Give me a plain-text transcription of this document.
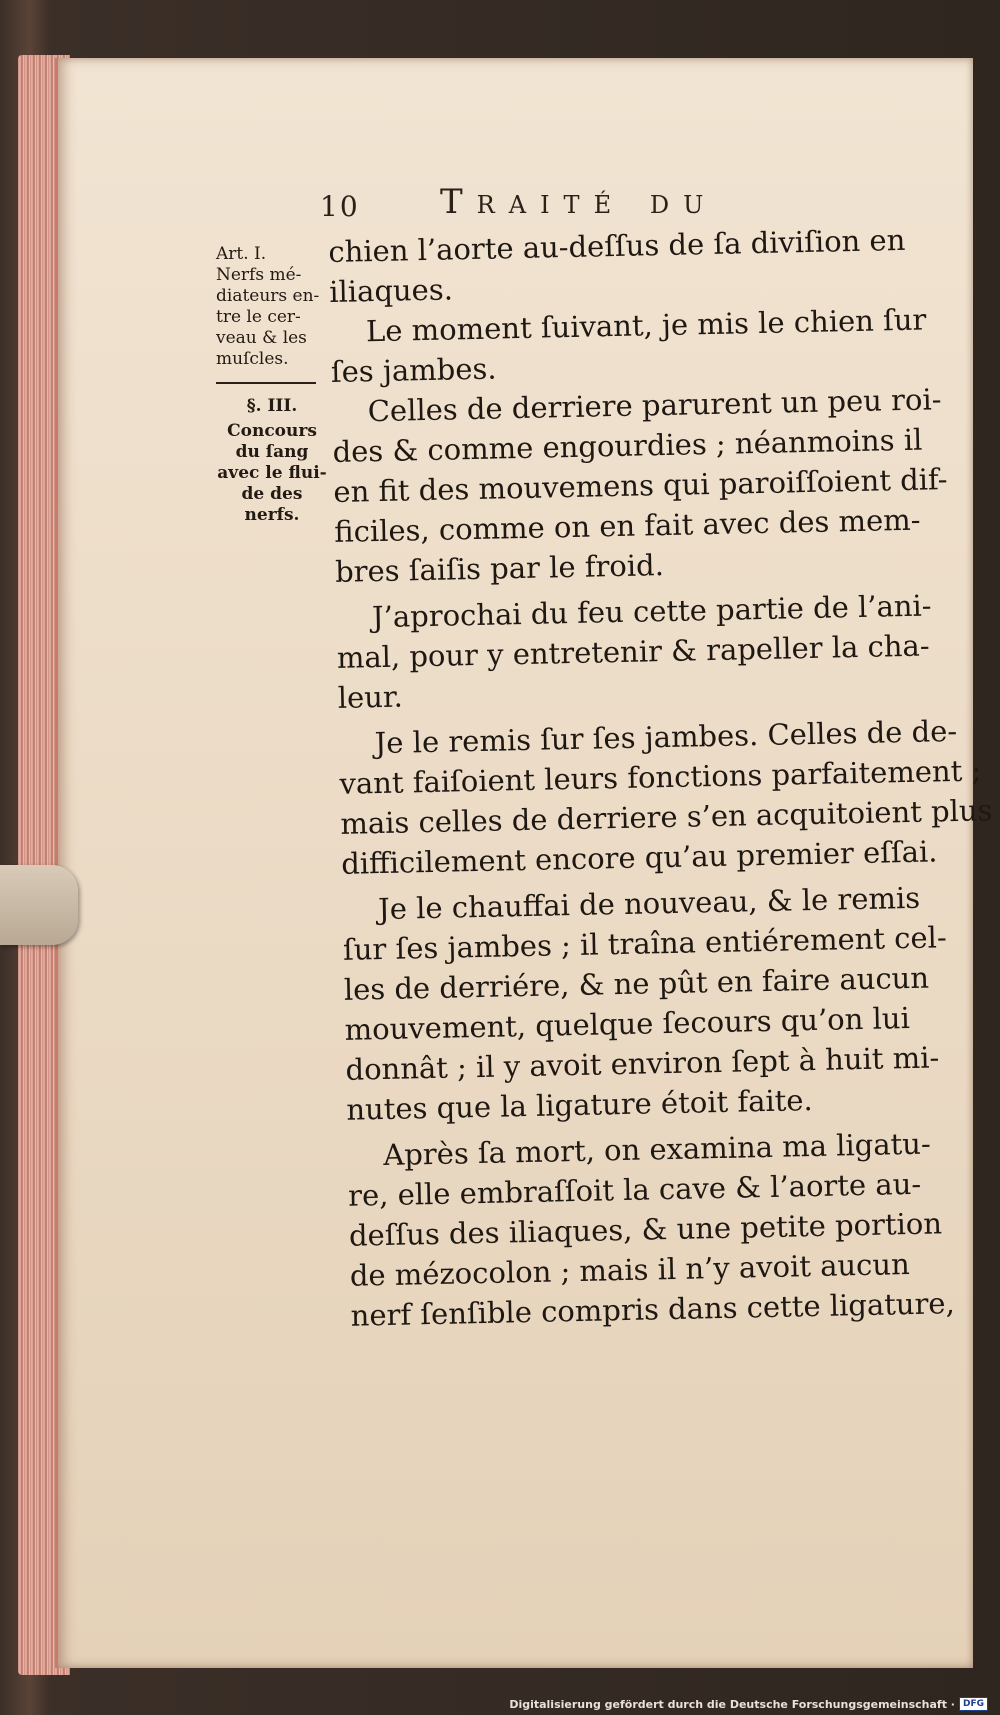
10 Traité du
Art. I.
Nerfs mé-
diateurs en-
tre le cer-
veau & les
muſcles.
§. III.
Concours
du ſang
avec le flui-
de des
nerfs.
chien l’aorte au-deſſus de ſa diviſion en
iliaques.
Le moment ſuivant, je mis le chien ſur
ſes jambes.
Celles de derriere parurent un peu roi-
des & comme engourdies ; néanmoins il
en fit des mouvemens qui paroiſſoient dif-
ficiles, comme on en fait avec des mem-
bres ſaiſis par le froid.
J’aprochai du feu cette partie de l’ani-
mal, pour y entretenir & rapeller la cha-
leur.
Je le remis ſur ſes jambes. Celles de de-
vant faiſoient leurs fonctions parfaitement ;
mais celles de derriere s’en acquitoient plus
difficilement encore qu’au premier eſſai.
Je le chauffai de nouveau, & le remis
ſur ſes jambes ; il traîna entiérement cel-
les de derriére, & ne pût en faire aucun
mouvement, quelque ſecours qu’on lui
donnât ; il y avoit environ ſept à huit mi-
nutes que la ligature étoit faite.
Après ſa mort, on examina ma ligatu-
re, elle embraſſoit la cave & l’aorte au-
deſſus des iliaques, & une petite portion
de mézocolon ; mais il n’y avoit aucun
nerf ſenſible compris dans cette ligature,
Digitalisierung gefördert durch die Deutsche Forschungsgemeinschaft · DFG
